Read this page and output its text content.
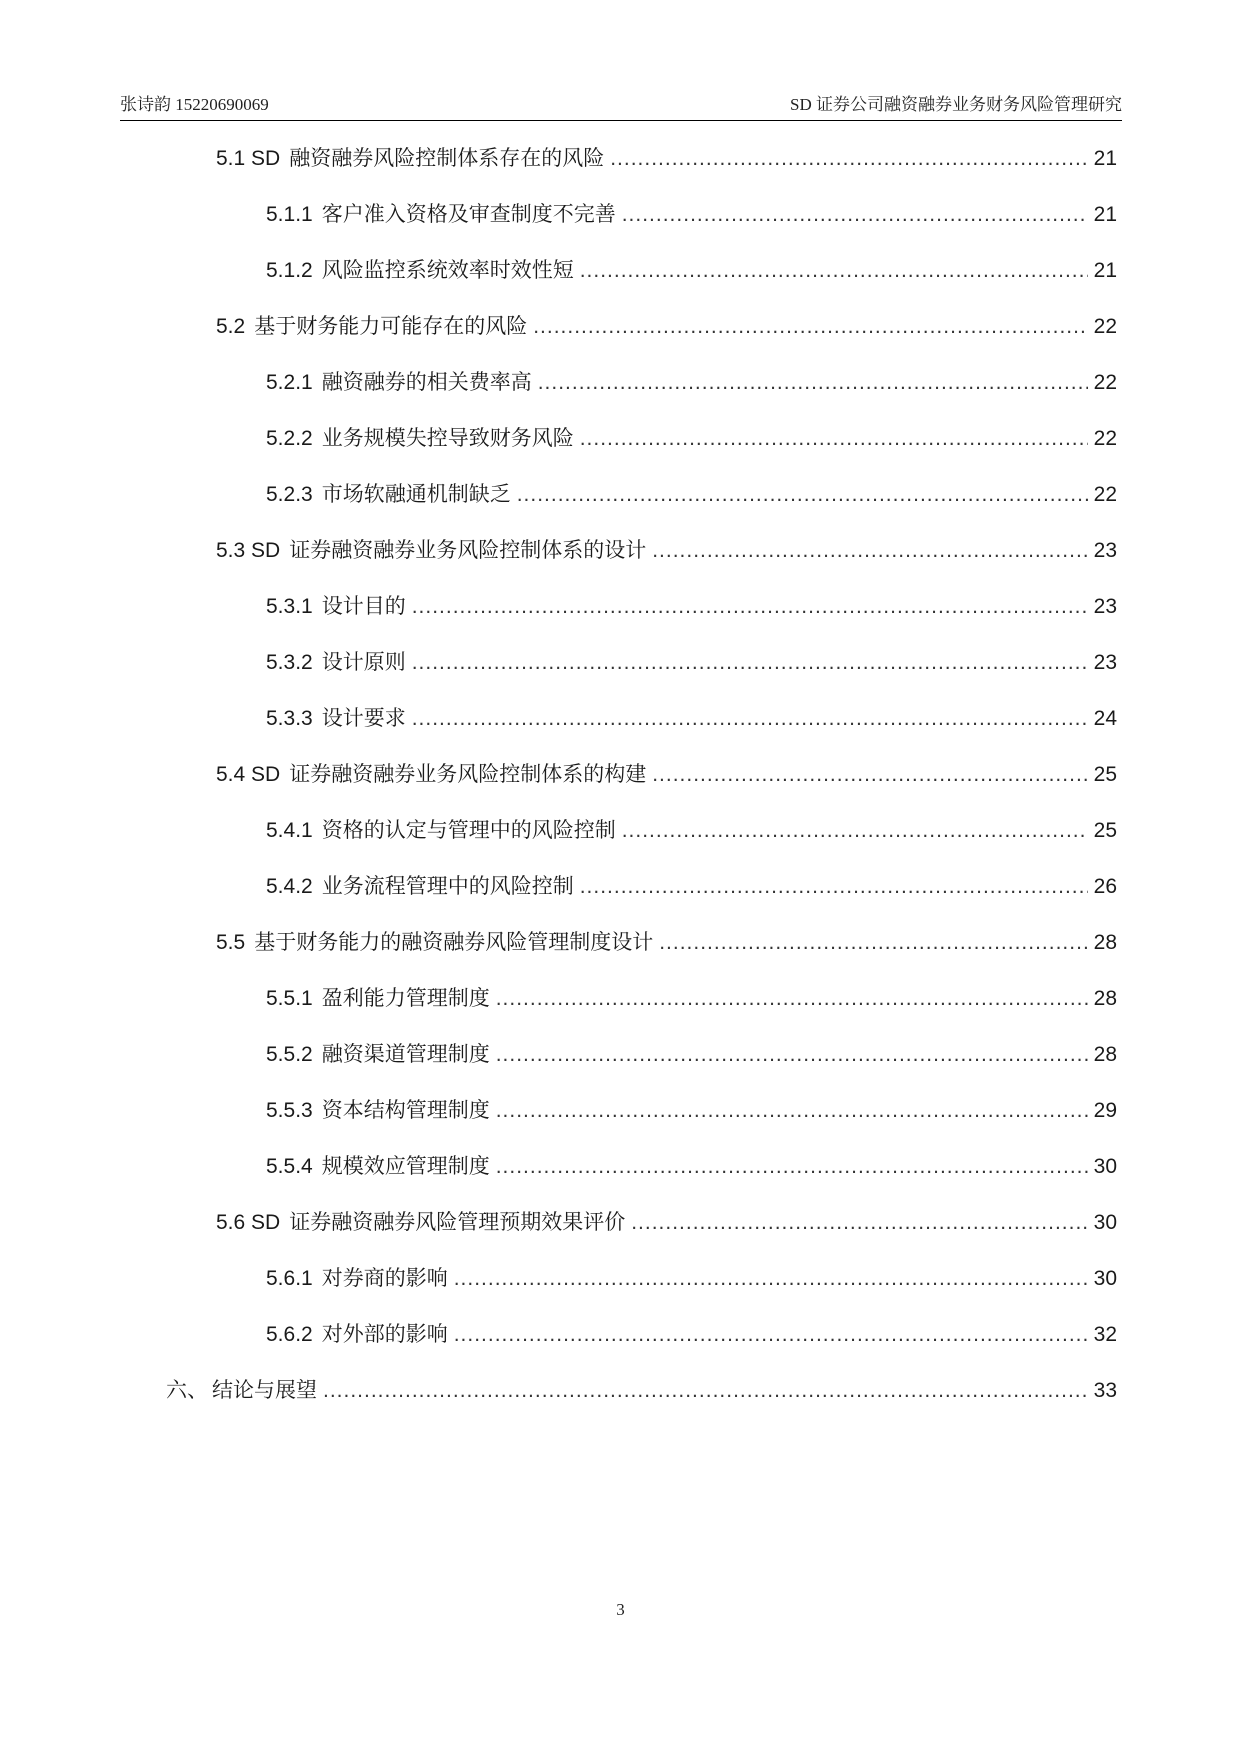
张诗韵 15220690069	SD 证券公司融资融券业务财务风险管理研究
5.1 SD 融资融券风险控制体系存在的风险 .....	21
5.1.1 客户准入资格及审查制度不完善 .....	21
5.1.2 风险监控系统效率时效性短 .....	21
5.2 基于财务能力可能存在的风险 .....	22
5.2.1 融资融券的相关费率高 .....	22
5.2.2 业务规模失控导致财务风险 .....	22
5.2.3 市场软融通机制缺乏 .....	22
5.3 SD 证券融资融券业务风险控制体系的设计 .....	23
5.3.1 设计目的 .....	23
5.3.2 设计原则 .....	23
5.3.3 设计要求 .....	24
5.4 SD 证券融资融券业务风险控制体系的构建 .....	25
5.4.1 资格的认定与管理中的风险控制 .....	25
5.4.2 业务流程管理中的风险控制 .....	26
5.5 基于财务能力的融资融券风险管理制度设计 .....	28
5.5.1 盈利能力管理制度 .....	28
5.5.2 融资渠道管理制度 .....	28
5.5.3 资本结构管理制度 .....	29
5.5.4 规模效应管理制度 .....	30
5.6 SD 证券融资融券风险管理预期效果评价 .....	30
5.6.1 对券商的影响 .....	30
5.6.2 对外部的影响 .....	32
六、 结论与展望 .....	33
3
